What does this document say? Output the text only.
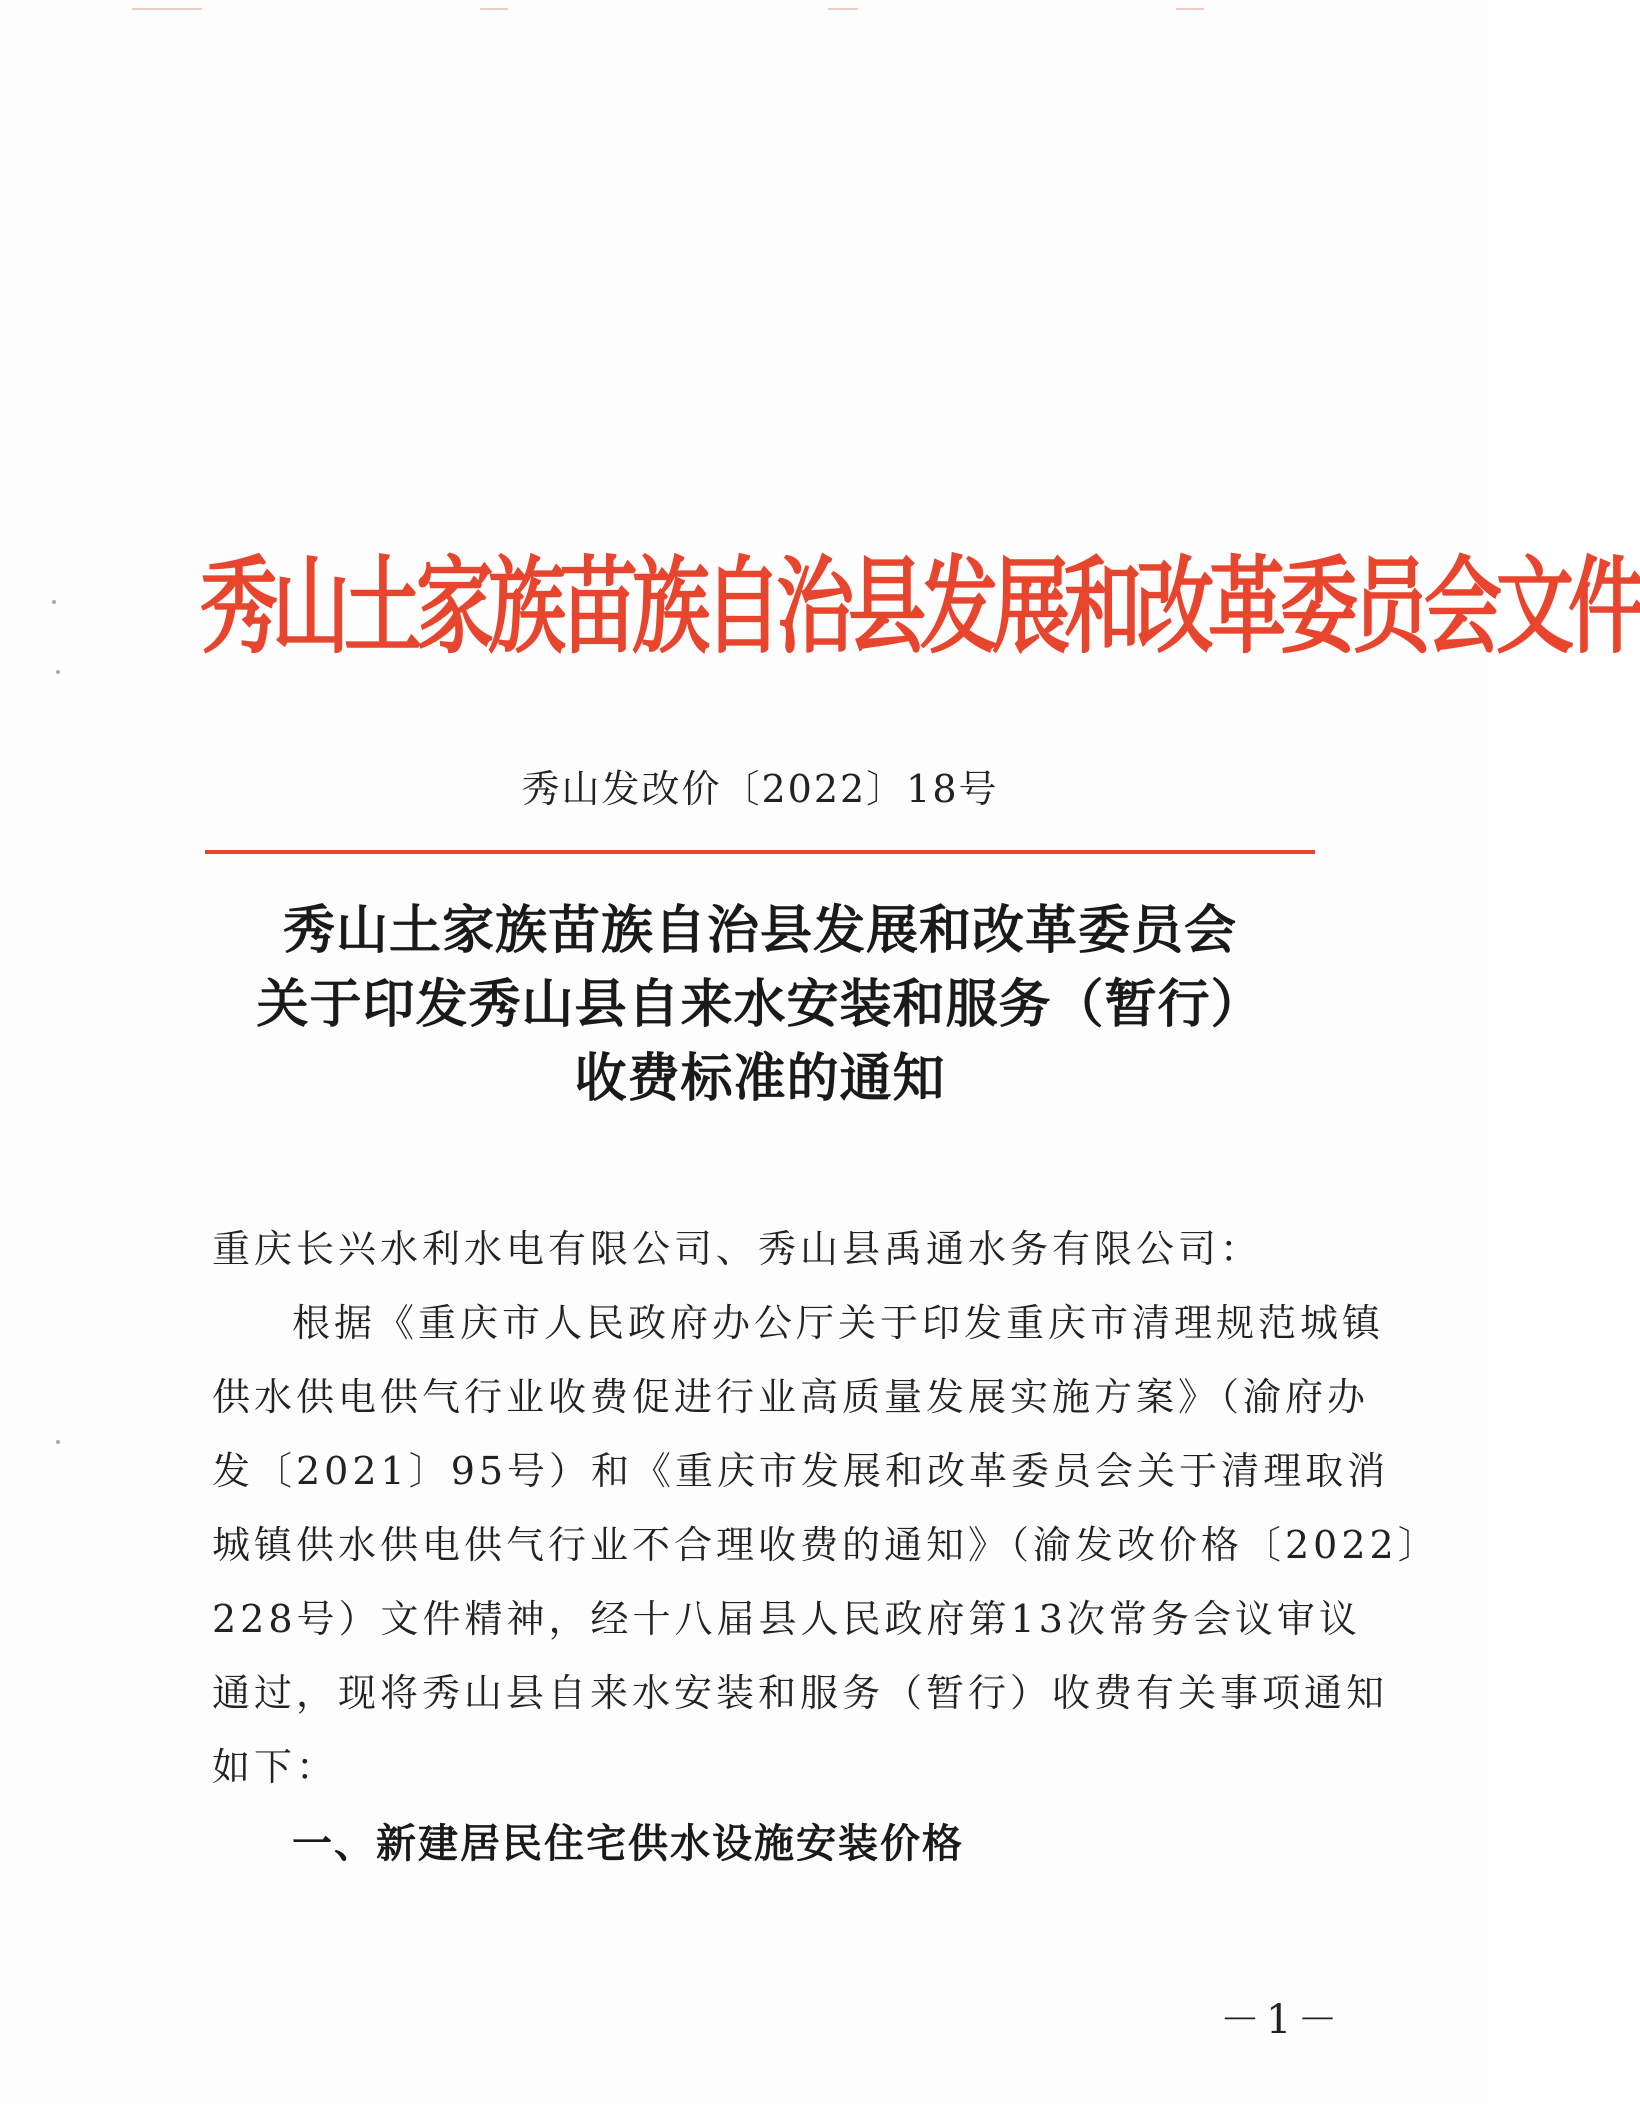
秀山土家族苗族自治县发展和改革委员会文件
秀山发改价〔2022〕18号
秀山土家族苗族自治县发展和改革委员会
关于印发秀山县自来水安装和服务（暂行）
收费标准的通知
重庆长兴水利水电有限公司、秀山县禹通水务有限公司：
根据《重庆市人民政府办公厅关于印发重庆市清理规范城镇
供水供电供气行业收费促进行业高质量发展实施方案》（渝府办
发〔2021〕95号）和《重庆市发展和改革委员会关于清理取消
城镇供水供电供气行业不合理收费的通知》（渝发改价格〔2022〕
228号）文件精神，经十八届县人民政府第13次常务会议审议
通过，现将秀山县自来水安装和服务（暂行）收费有关事项通知
如下：
一、新建居民住宅供水设施安装价格
－1－
